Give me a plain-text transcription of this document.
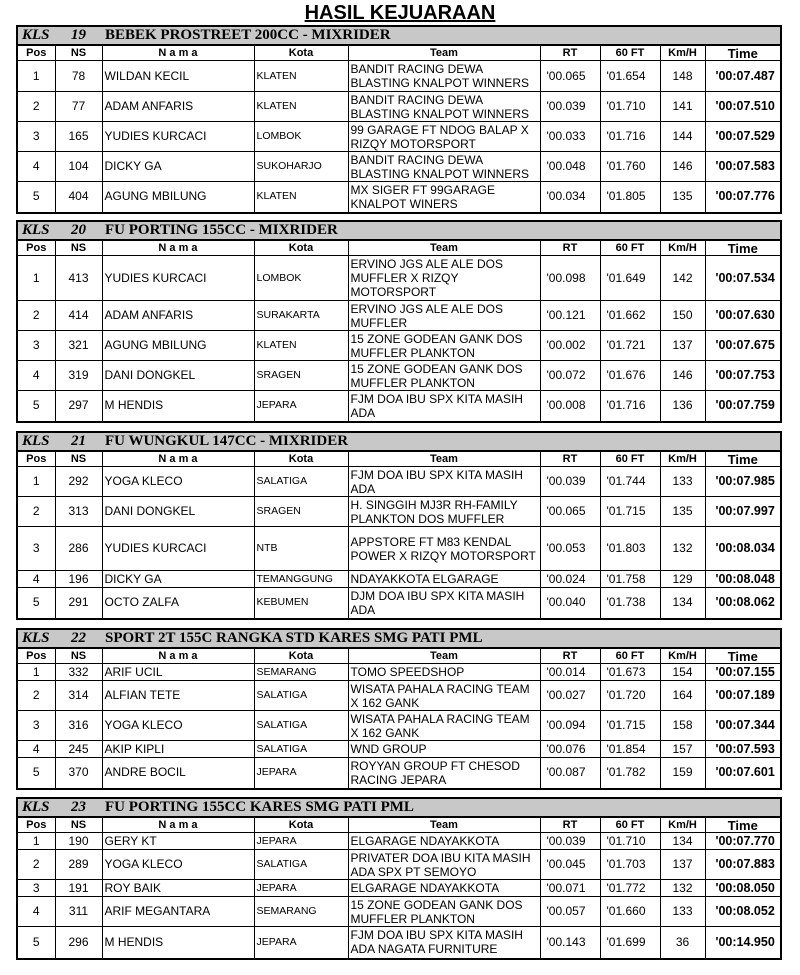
HASIL KEJUARAAN
KLS 19 BEBEK PROSTREET 200CC - MIXRIDER
Pos	NS	N a m a	Kota	Team	RT	60 FT	Km/H	Time
1	78	WILDAN KECIL	KLATEN	BANDIT RACING DEWA BLASTING KNALPOT WINNERS	'00.065	'01.654	148	'00:07.487
2	77	ADAM ANFARIS	KLATEN	BANDIT RACING DEWA BLASTING KNALPOT WINNERS	'00.039	'01.710	141	'00:07.510
3	165	YUDIES KURCACI	LOMBOK	99 GARAGE FT NDOG BALAP X RIZQY MOTORSPORT	'00.033	'01.716	144	'00:07.529
4	104	DICKY GA	SUKOHARJO	BANDIT RACING DEWA BLASTING KNALPOT WINNERS	'00.048	'01.760	146	'00:07.583
5	404	AGUNG MBILUNG	KLATEN	MX SIGER FT 99GARAGE KNALPOT WINERS	'00.034	'01.805	135	'00:07.776
KLS 20 FU PORTING 155CC - MIXRIDER
Pos	NS	N a m a	Kota	Team	RT	60 FT	Km/H	Time
1	413	YUDIES KURCACI	LOMBOK	ERVINO JGS ALE ALE DOS MUFFLER X RIZQY MOTORSPORT	'00.098	'01.649	142	'00:07.534
2	414	ADAM ANFARIS	SURAKARTA	ERVINO JGS ALE ALE DOS MUFFLER	'00.121	'01.662	150	'00:07.630
3	321	AGUNG MBILUNG	KLATEN	15 ZONE GODEAN GANK DOS MUFFLER PLANKTON	'00.002	'01.721	137	'00:07.675
4	319	DANI DONGKEL	SRAGEN	15 ZONE GODEAN GANK DOS MUFFLER PLANKTON	'00.072	'01.676	146	'00:07.753
5	297	M HENDIS	JEPARA	FJM DOA IBU SPX KITA MASIH ADA	'00.008	'01.716	136	'00:07.759
KLS 21 FU WUNGKUL 147CC - MIXRIDER
Pos	NS	N a m a	Kota	Team	RT	60 FT	Km/H	Time
1	292	YOGA KLECO	SALATIGA	FJM DOA IBU SPX KITA MASIH ADA	'00.039	'01.744	133	'00:07.985
2	313	DANI DONGKEL	SRAGEN	H. SINGGIH MJ3R RH-FAMILY PLANKTON DOS MUFFLER	'00.065	'01.715	135	'00:07.997
3	286	YUDIES KURCACI	NTB	APPSTORE FT M83 KENDAL POWER X RIZQY MOTORSPORT	'00.053	'01.803	132	'00:08.034
4	196	DICKY GA	TEMANGGUNG	NDAYAKKOTA ELGARAGE	'00.024	'01.758	129	'00:08.048
5	291	OCTO ZALFA	KEBUMEN	DJM DOA IBU SPX KITA MASIH ADA	'00.040	'01.738	134	'00:08.062
KLS 22 SPORT 2T 155C RANGKA STD KARES SMG PATI PML
Pos	NS	N a m a	Kota	Team	RT	60 FT	Km/H	Time
1	332	ARIF UCIL	SEMARANG	TOMO SPEEDSHOP	'00.014	'01.673	154	'00:07.155
2	314	ALFIAN TETE	SALATIGA	WISATA PAHALA RACING TEAM X 162 GANK	'00.027	'01.720	164	'00:07.189
3	316	YOGA KLECO	SALATIGA	WISATA PAHALA RACING TEAM X 162 GANK	'00.094	'01.715	158	'00:07.344
4	245	AKIP KIPLI	SALATIGA	WND GROUP	'00.076	'01.854	157	'00:07.593
5	370	ANDRE BOCIL	JEPARA	ROYYAN GROUP FT CHESOD RACING JEPARA	'00.087	'01.782	159	'00:07.601
KLS 23 FU PORTING 155CC KARES SMG PATI PML
Pos	NS	N a m a	Kota	Team	RT	60 FT	Km/H	Time
1	190	GERY KT	JEPARA	ELGARAGE NDAYAKKOTA	'00.039	'01.710	134	'00:07.770
2	289	YOGA KLECO	SALATIGA	PRIVATER DOA IBU KITA MASIH ADA SPX PT SEMOYO	'00.045	'01.703	137	'00:07.883
3	191	ROY BAIK	JEPARA	ELGARAGE NDAYAKKOTA	'00.071	'01.772	132	'00:08.050
4	311	ARIF MEGANTARA	SEMARANG	15 ZONE GODEAN GANK DOS MUFFLER PLANKTON	'00.057	'01.660	133	'00:08.052
5	296	M HENDIS	JEPARA	FJM DOA IBU SPX KITA MASIH ADA NAGATA FURNITURE	'00.143	'01.699	36	'00:14.950
